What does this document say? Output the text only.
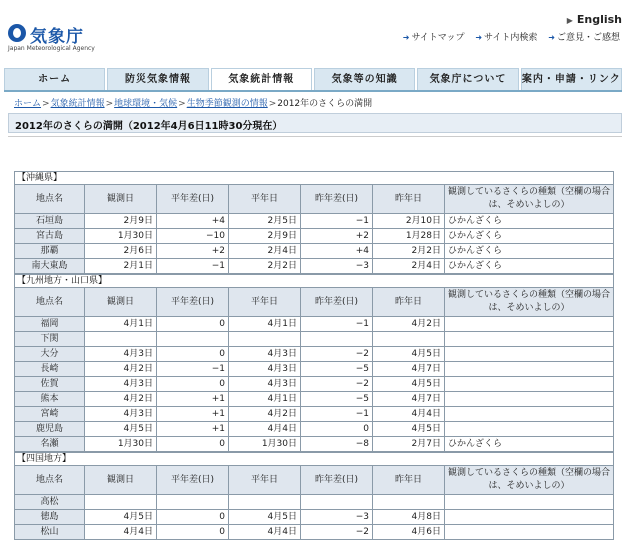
気象庁
Japan Meteorological Agency
▶ English
➜ サイトマップ ➜ サイト内検索 ➜ ご意見・ご感想
ホーム	防災気象情報	気象統計情報	気象等の知識	気象庁について	案内・申請・リンク
ホーム>気象統計情報>地球環境・気候>生物季節観測の情報>2012年のさくらの満開
2012年のさくらの満開（2012年4月6日11時30分現在）
【沖縄県】
地点名	観測日	平年差(日)	平年日	昨年差(日)	昨年日	観測しているさくらの種類（空欄の場合は、そめいよしの）
石垣島	2月9日	+4	2月5日	−1	2月10日	ひかんざくら
宮古島	1月30日	−10	2月9日	+2	1月28日	ひかんざくら
那覇	2月6日	+2	2月4日	+4	2月2日	ひかんざくら
南大東島	2月1日	−1	2月2日	−3	2月4日	ひかんざくら
【九州地方・山口県】
地点名	観測日	平年差(日)	平年日	昨年差(日)	昨年日	観測しているさくらの種類（空欄の場合は、そめいよしの）
福岡	4月1日	0	4月1日	−1	4月2日	
下関						
大分	4月3日	0	4月3日	−2	4月5日	
長崎	4月2日	−1	4月3日	−5	4月7日	
佐賀	4月3日	0	4月3日	−2	4月5日	
熊本	4月2日	+1	4月1日	−5	4月7日	
宮崎	4月3日	+1	4月2日	−1	4月4日	
鹿児島	4月5日	+1	4月4日	0	4月5日	
名瀬	1月30日	0	1月30日	−8	2月7日	ひかんざくら
【四国地方】
地点名	観測日	平年差(日)	平年日	昨年差(日)	昨年日	観測しているさくらの種類（空欄の場合は、そめいよしの）
高松						
徳島	4月5日	0	4月5日	−3	4月8日	
松山	4月4日	0	4月4日	−2	4月6日	
